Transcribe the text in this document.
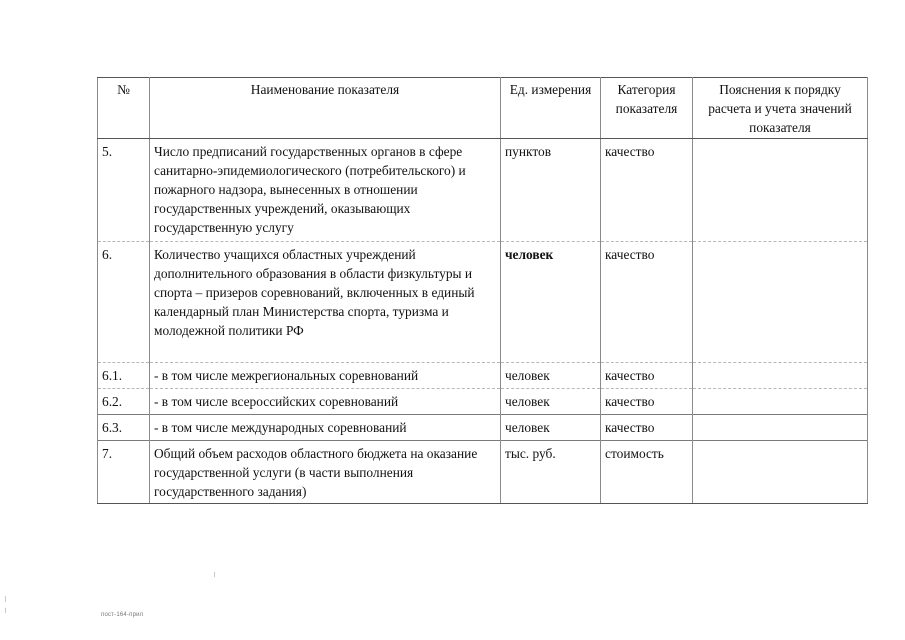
№	Наименование показателя	Ед. измерения	Категория показателя	Пояснения к порядку расчета и учета значений показателя
5.	Число предписаний государственных органов в сфере санитарно-эпидемиологического (потребительского) и пожарного надзора, вынесенных в отношении государственных учреждений, оказывающих государственную услугу	пунктов	качество	
6.	Количество учащихся областных учреждений дополнительного образования в области физкультуры и спорта – призеров соревнований, включенных в единый календарный план Министерства спорта, туризма и молодежной политики РФ	человек	качество	
6.1.	- в том числе межрегиональных соревнований	человек	качество	
6.2.	- в том числе всероссийских соревнований	человек	качество	
6.3.	- в том числе международных соревнований	человек	качество	
7.	Общий объем расходов областного бюджета на оказание государственной услуги (в части выполнения государственного задания)	тыс. руб.	стоимость	
пост-164-прил
